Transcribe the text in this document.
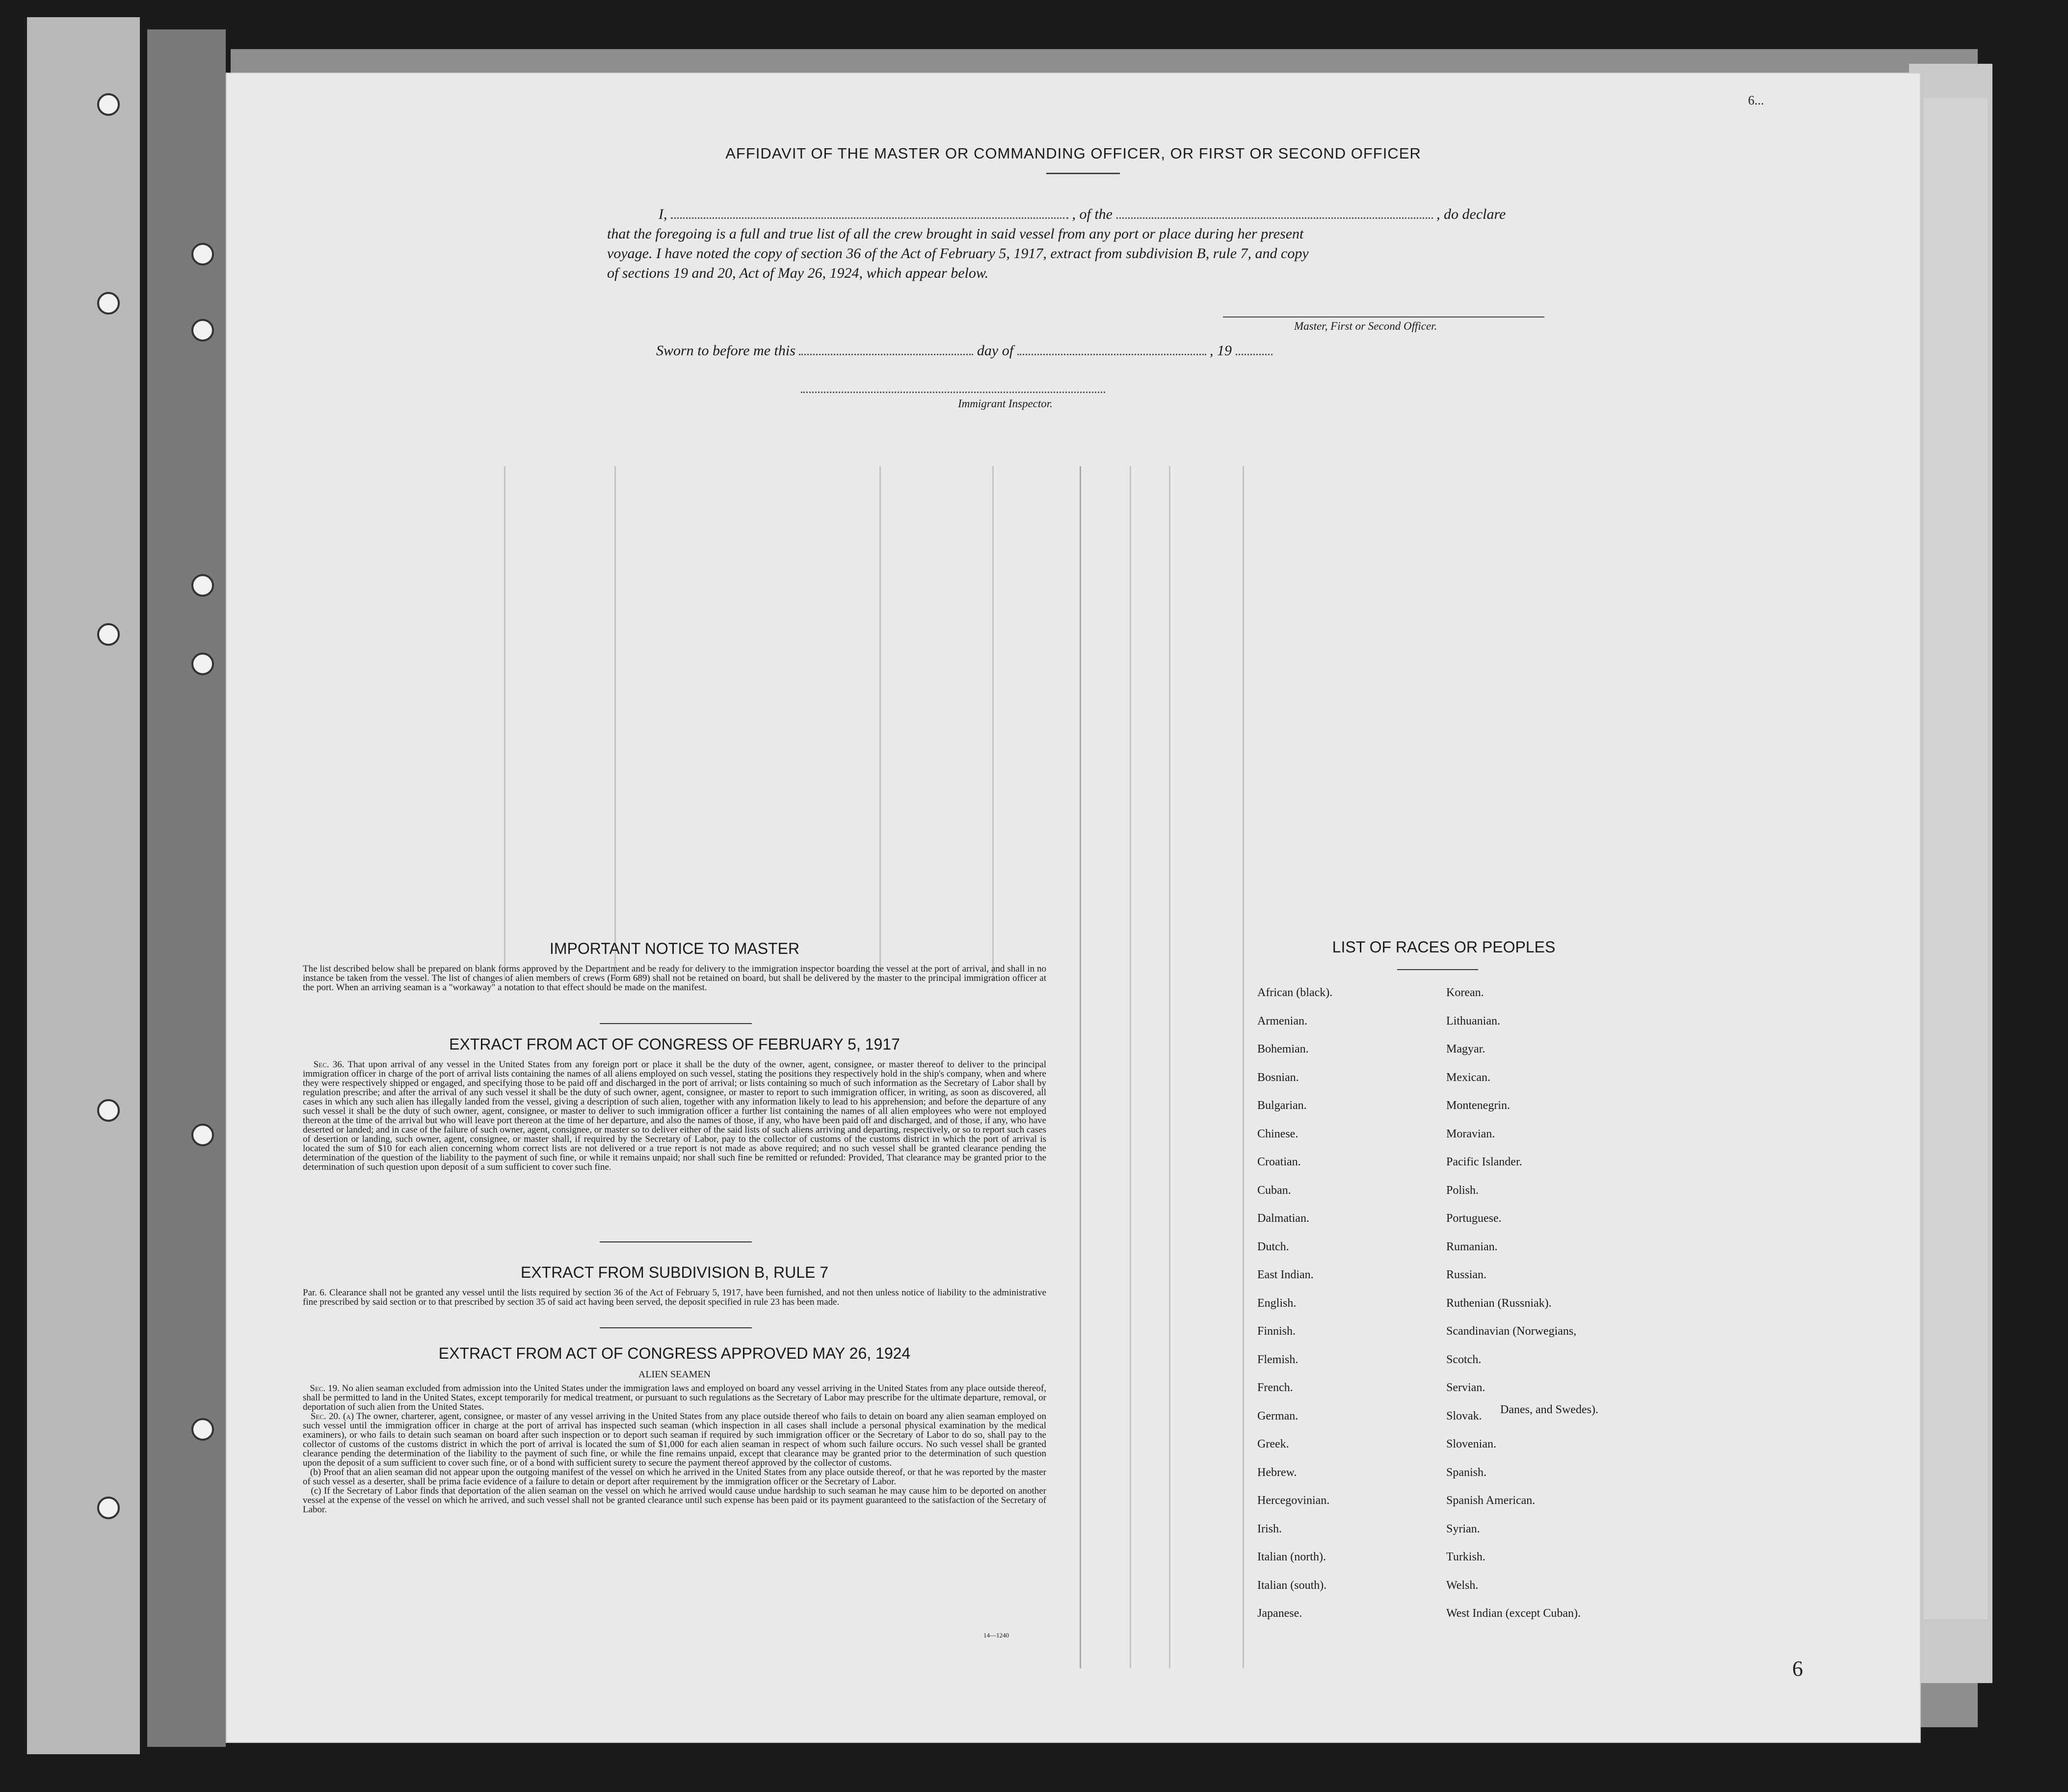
6...
AFFIDAVIT OF THE MASTER OR COMMANDING OFFICER, OR FIRST OR SECOND OFFICER
I,	, of the	, do declare
that the foregoing is a full and true list of all the crew brought in said vessel from any port or place during her present
voyage. I have noted the copy of section 36 of the Act of February 5, 1917, extract from subdivision B, rule 7, and copy
of sections 19 and 20, Act of May 26, 1924, which appear below.
Master, First or Second Officer.
Sworn to before me this	day of	, 19
Immigrant Inspector.
IMPORTANT NOTICE TO MASTER
The list described below shall be prepared on blank forms approved by the Department and be ready for delivery to the immigration inspector boarding the vessel at the port of arrival, and shall in no instance be taken from the vessel. The list of changes of alien members of crews (Form 689) shall not be retained on board, but shall be delivered by the master to the principal immigration officer at the port. When an arriving seaman is a "workaway" a notation to that effect should be made on the manifest.
EXTRACT FROM ACT OF CONGRESS OF FEBRUARY 5, 1917
Sec. 36. That upon arrival of any vessel in the United States from any foreign port or place it shall be the duty of the owner, agent, consignee, or master thereof to deliver to the principal immigration officer in charge of the port of arrival lists containing the names of all aliens employed on such vessel, stating the positions they respectively hold in the ship's company, when and where they were respectively shipped or engaged, and specifying those to be paid off and discharged in the port of arrival; or lists containing so much of such information as the Secretary of Labor shall by regulation prescribe; and after the arrival of any such vessel it shall be the duty of such owner, agent, consignee, or master to report to such immigration officer, in writing, as soon as discovered, all cases in which any such alien has illegally landed from the vessel, giving a description of such alien, together with any information likely to lead to his apprehension; and before the departure of any such vessel it shall be the duty of such owner, agent, consignee, or master to deliver to such immigration officer a further list containing the names of all alien employees who were not employed thereon at the time of the arrival but who will leave port thereon at the time of her departure, and also the names of those, if any, who have been paid off and discharged, and of those, if any, who have deserted or landed; and in case of the failure of such owner, agent, consignee, or master so to deliver either of the said lists of such aliens arriving and departing, respectively, or so to report such cases of desertion or landing, such owner, agent, consignee, or master shall, if required by the Secretary of Labor, pay to the collector of customs of the customs district in which the port of arrival is located the sum of $10 for each alien concerning whom correct lists are not delivered or a true report is not made as above required; and no such vessel shall be granted clearance pending the determination of the question of the liability to the payment of such fine, or while it remains unpaid; nor shall such fine be remitted or refunded: Provided, That clearance may be granted prior to the determination of such question upon deposit of a sum sufficient to cover such fine.
EXTRACT FROM SUBDIVISION B, RULE 7
Par. 6. Clearance shall not be granted any vessel until the lists required by section 36 of the Act of February 5, 1917, have been furnished, and not then unless notice of liability to the administrative fine prescribed by said section or to that prescribed by section 35 of said act having been served, the deposit specified in rule 23 has been made.
EXTRACT FROM ACT OF CONGRESS APPROVED MAY 26, 1924
ALIEN SEAMEN
Sec. 19. No alien seaman excluded from admission into the United States under the immigration laws and employed on board any vessel arriving in the United States from any place outside thereof, shall be permitted to land in the United States, except temporarily for medical treatment, or pursuant to such regulations as the Secretary of Labor may prescribe for the ultimate departure, removal, or deportation of such alien from the United States.
Sec. 20. (a) The owner, charterer, agent, consignee, or master of any vessel arriving in the United States from any place outside thereof who fails to detain on board any alien seaman employed on such vessel until the immigration officer in charge at the port of arrival has inspected such seaman (which inspection in all cases shall include a personal physical examination by the medical examiners), or who fails to detain such seaman on board after such inspection or to deport such seaman if required by such immigration officer or the Secretary of Labor to do so, shall pay to the collector of customs of the customs district in which the port of arrival is located the sum of $1,000 for each alien seaman in respect of whom such failure occurs. No such vessel shall be granted clearance pending the determination of the liability to the payment of such fine, or while the fine remains unpaid, except that clearance may be granted prior to the determination of such question upon the deposit of a sum sufficient to cover such fine, or of a bond with sufficient surety to secure the payment thereof approved by the collector of customs.
(b) Proof that an alien seaman did not appear upon the outgoing manifest of the vessel on which he arrived in the United States from any place outside thereof, or that he was reported by the master of such vessel as a deserter, shall be prima facie evidence of a failure to detain or deport after requirement by the immigration officer or the Secretary of Labor.
(c) If the Secretary of Labor finds that deportation of the alien seaman on the vessel on which he arrived would cause undue hardship to such seaman he may cause him to be deported on another vessel at the expense of the vessel on which he arrived, and such vessel shall not be granted clearance until such expense has been paid or its payment guaranteed to the satisfaction of the Secretary of Labor.
14—1240
LIST OF RACES OR PEOPLES
Danes, and Swedes).
6
African (black).
Armenian.
Bohemian.
Bosnian.
Bulgarian.
Chinese.
Croatian.
Cuban.
Dalmatian.
Dutch.
East Indian.
English.
Finnish.
Flemish.
French.
German.
Greek.
Hebrew.
Hercegovinian.
Irish.
Italian (north).
Italian (south).
Japanese.
Korean.
Lithuanian.
Magyar.
Mexican.
Montenegrin.
Moravian.
Pacific Islander.
Polish.
Portuguese.
Rumanian.
Russian.
Ruthenian (Russniak).
Scandinavian (Norwegians,
Scotch.
Servian.
Slovak.
Slovenian.
Spanish.
Spanish American.
Syrian.
Turkish.
Welsh.
West Indian (except Cuban).
